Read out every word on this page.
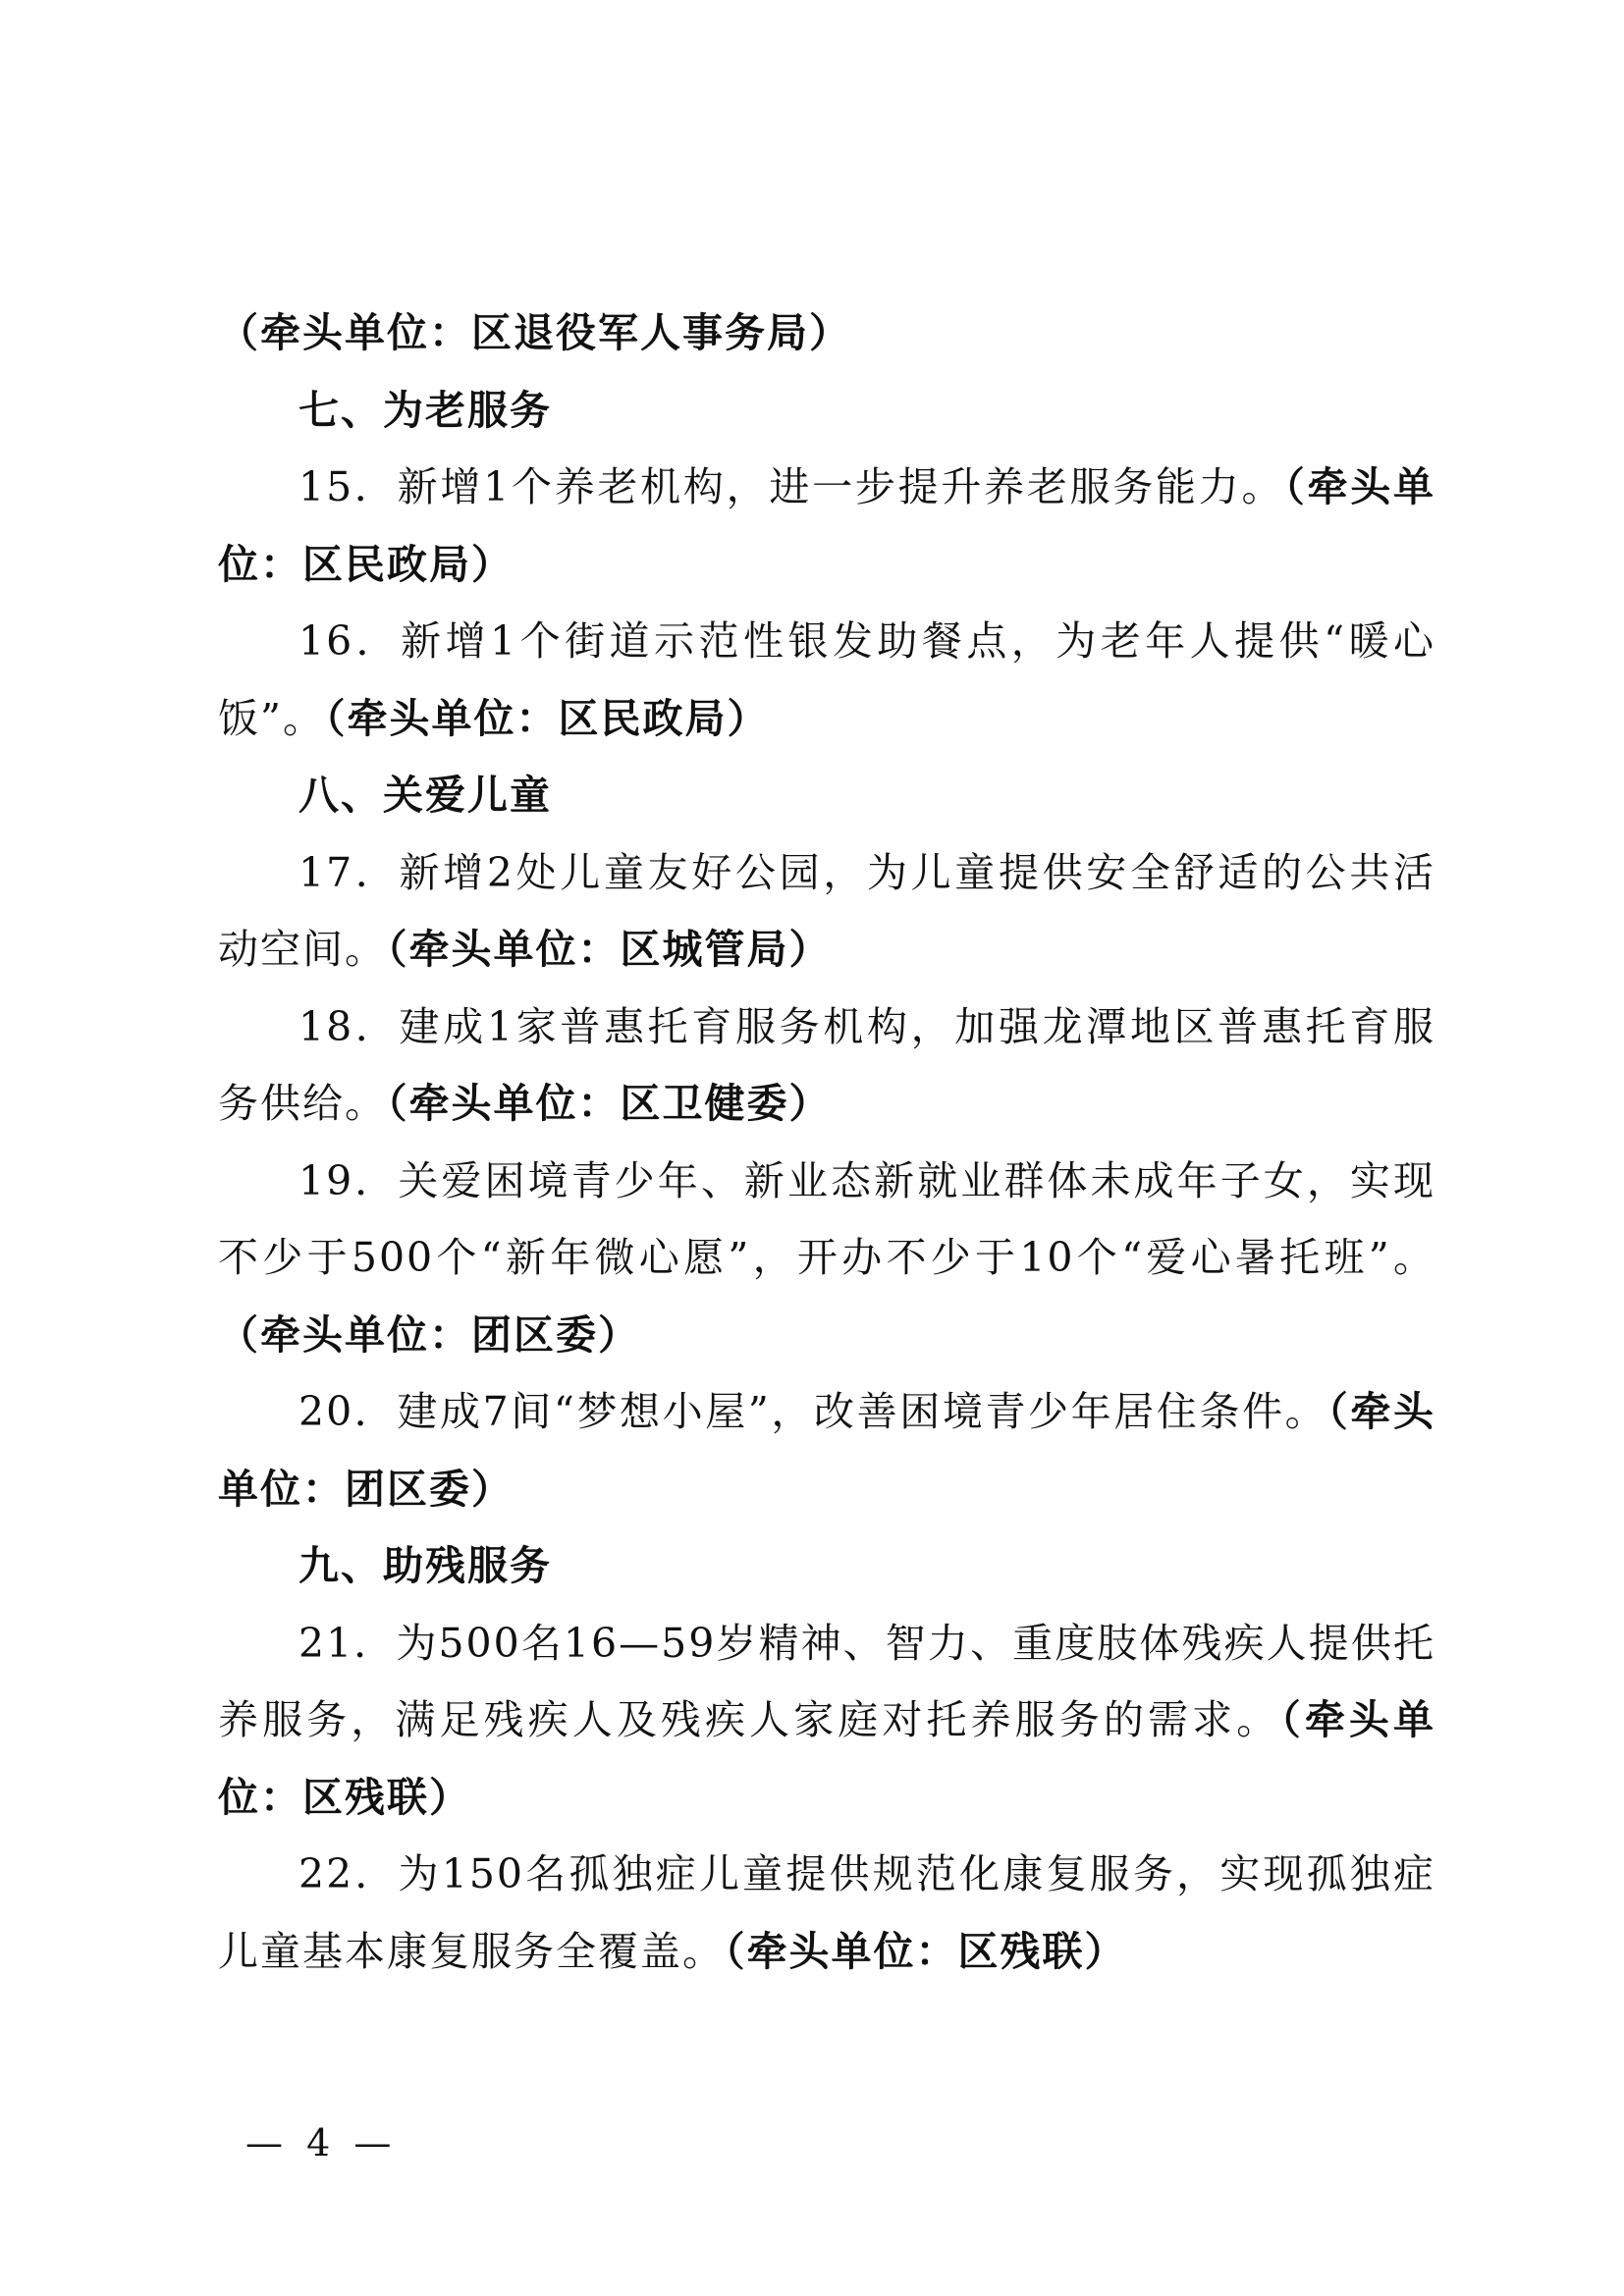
（牵头单位：区退役军人事务局）

七、为老服务

15．新增1个养老机构，进一步提升养老服务能力。（牵头单位：区民政局）

16．新增1个街道示范性银发助餐点，为老年人提供“暖心饭”。（牵头单位：区民政局）

八、关爱儿童

17．新增2处儿童友好公园，为儿童提供安全舒适的公共活动空间。（牵头单位：区城管局）

18．建成1家普惠托育服务机构，加强龙潭地区普惠托育服务供给。（牵头单位：区卫健委）

19．关爱困境青少年、新业态新就业群体未成年子女，实现不少于500个“新年微心愿”，开办不少于10个“爱心暑托班”。（牵头单位：团区委）

20．建成7间“梦想小屋”，改善困境青少年居住条件。（牵头单位：团区委）

九、助残服务

21．为500名16—59岁精神、智力、重度肢体残疾人提供托养服务，满足残疾人及残疾人家庭对托养服务的需求。（牵头单位：区残联）

22．为150名孤独症儿童提供规范化康复服务，实现孤独症儿童基本康复服务全覆盖。（牵头单位：区残联）

— 4 —
